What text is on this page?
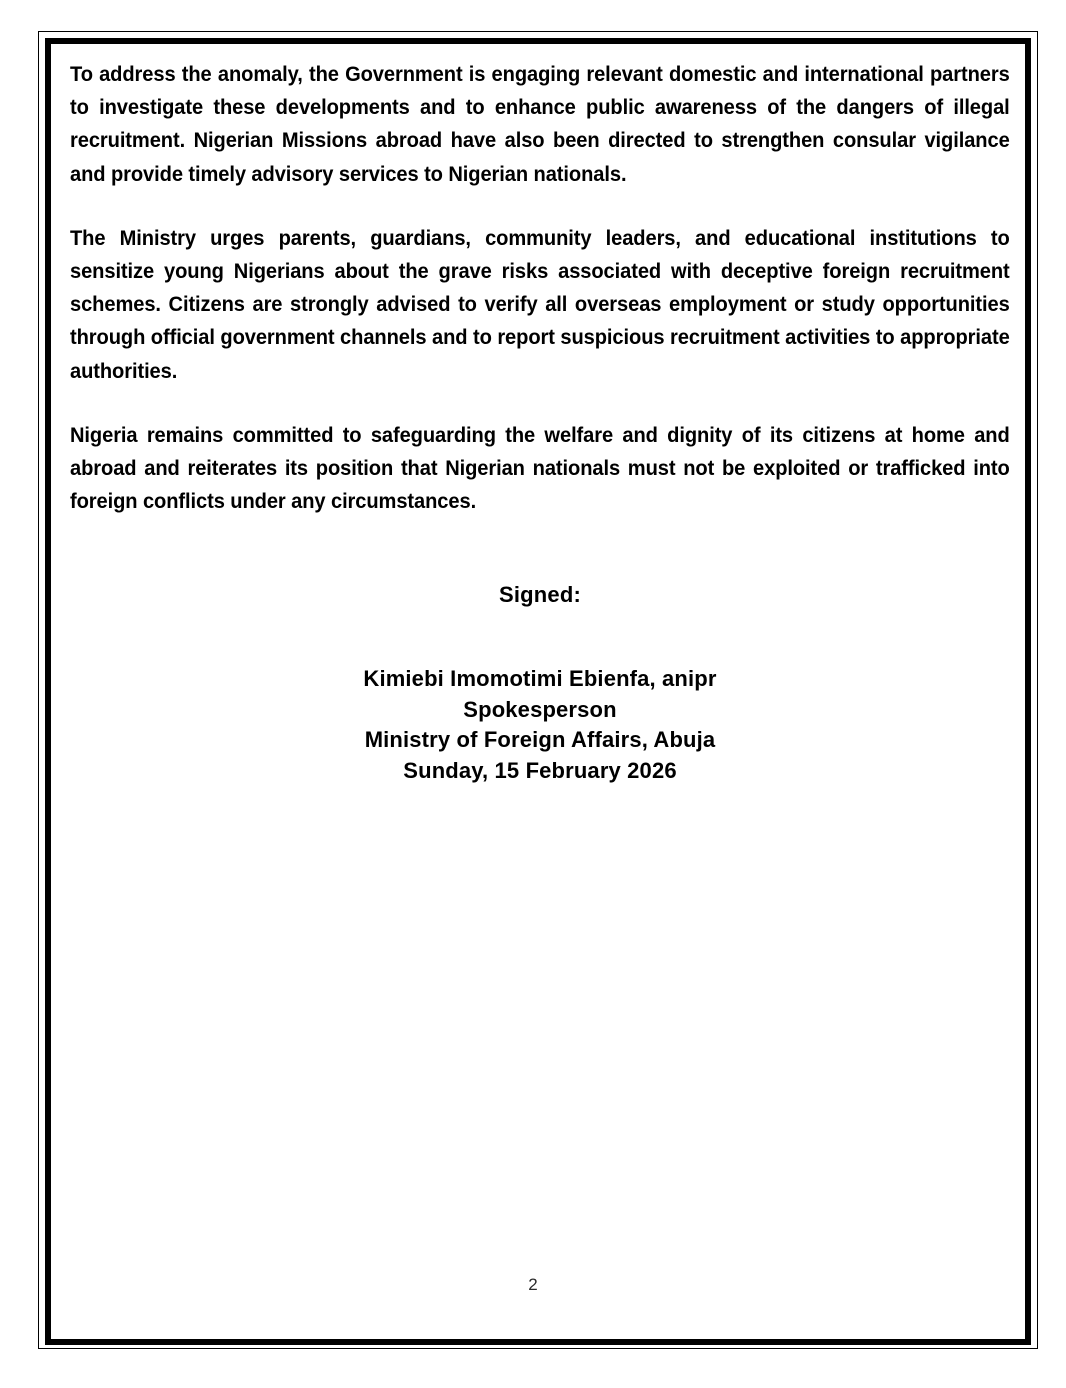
To address the anomaly, the Government is engaging relevant domestic and international partners to investigate these developments and to enhance public awareness of the dangers of illegal recruitment. Nigerian Missions abroad have also been directed to strengthen consular vigilance and provide timely advisory services to Nigerian nationals.

The Ministry urges parents, guardians, community leaders, and educational institutions to sensitize young Nigerians about the grave risks associated with deceptive foreign recruitment schemes. Citizens are strongly advised to verify all overseas employment or study opportunities through official government channels and to report suspicious recruitment activities to appropriate authorities.

Nigeria remains committed to safeguarding the welfare and dignity of its citizens at home and abroad and reiterates its position that Nigerian nationals must not be exploited or trafficked into foreign conflicts under any circumstances.

Signed:

Kimiebi Imomotimi Ebienfa, anipr

Spokesperson

Ministry of Foreign Affairs, Abuja

Sunday, 15 February 2026

2
